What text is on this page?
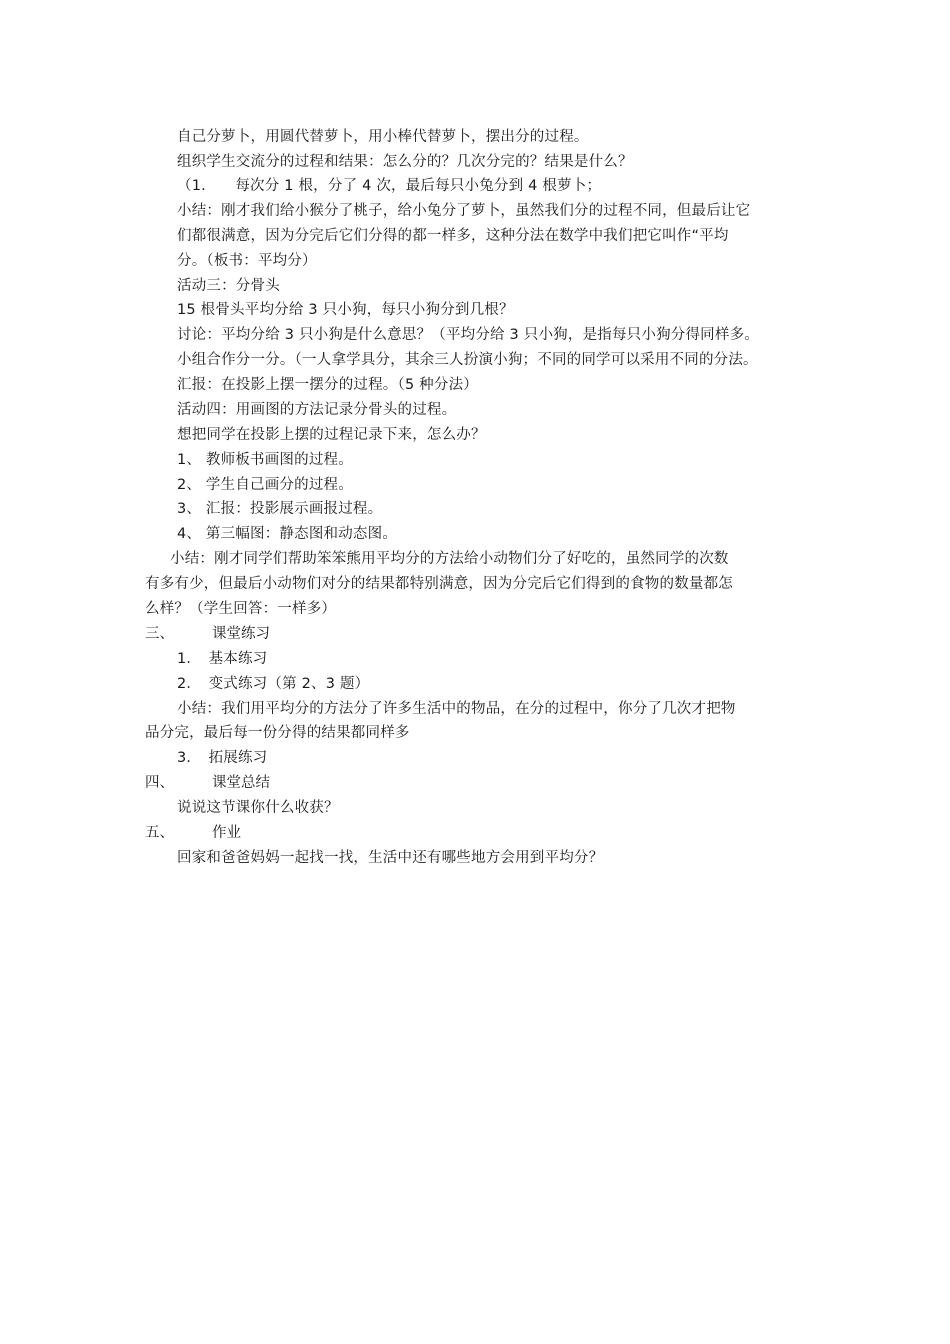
自己分萝卜，用圆代替萝卜，用小棒代替萝卜，摆出分的过程。
组织学生交流分的过程和结果：怎么分的？几次分完的？结果是什么？
（1.　　每次分 1 根，分了 4 次，最后每只小兔分到 4 根萝卜；
小结：刚才我们给小猴分了桃子，给小兔分了萝卜，虽然我们分的过程不同，但最后让它
们都很满意，因为分完后它们分得的都一样多，这种分法在数学中我们把它叫作“平均
分。（板书：平均分）
活动三：分骨头
15 根骨头平均分给 3 只小狗，每只小狗分到几根？
讨论：平均分给 3 只小狗是什么意思？（平均分给 3 只小狗，是指每只小狗分得同样多。
小组合作分一分。（一人拿学具分，其余三人扮演小狗；不同的同学可以采用不同的分法。
汇报：在投影上摆一摆分的过程。（5 种分法）
活动四：用画图的方法记录分骨头的过程。
想把同学在投影上摆的过程记录下来，怎么办？
1、 教师板书画图的过程。
2、 学生自己画分的过程。
3、 汇报：投影展示画报过程。
4、 第三幅图：静态图和动态图。
小结：刚才同学们帮助笨笨熊用平均分的方法给小动物们分了好吃的，虽然同学的次数
有多有少，但最后小动物们对分的结果都特别满意，因为分完后它们得到的食物的数量都怎
么样？（学生回答：一样多）
三、	课堂练习
1．　基本练习
2．　变式练习（第 2、3 题）
小结：我们用平均分的方法分了许多生活中的物品，在分的过程中，你分了几次才把物
品分完，最后每一份分得的结果都同样多
3．　拓展练习
四、	课堂总结
说说这节课你什么收获？
五、	作业
回家和爸爸妈妈一起找一找，生活中还有哪些地方会用到平均分？
